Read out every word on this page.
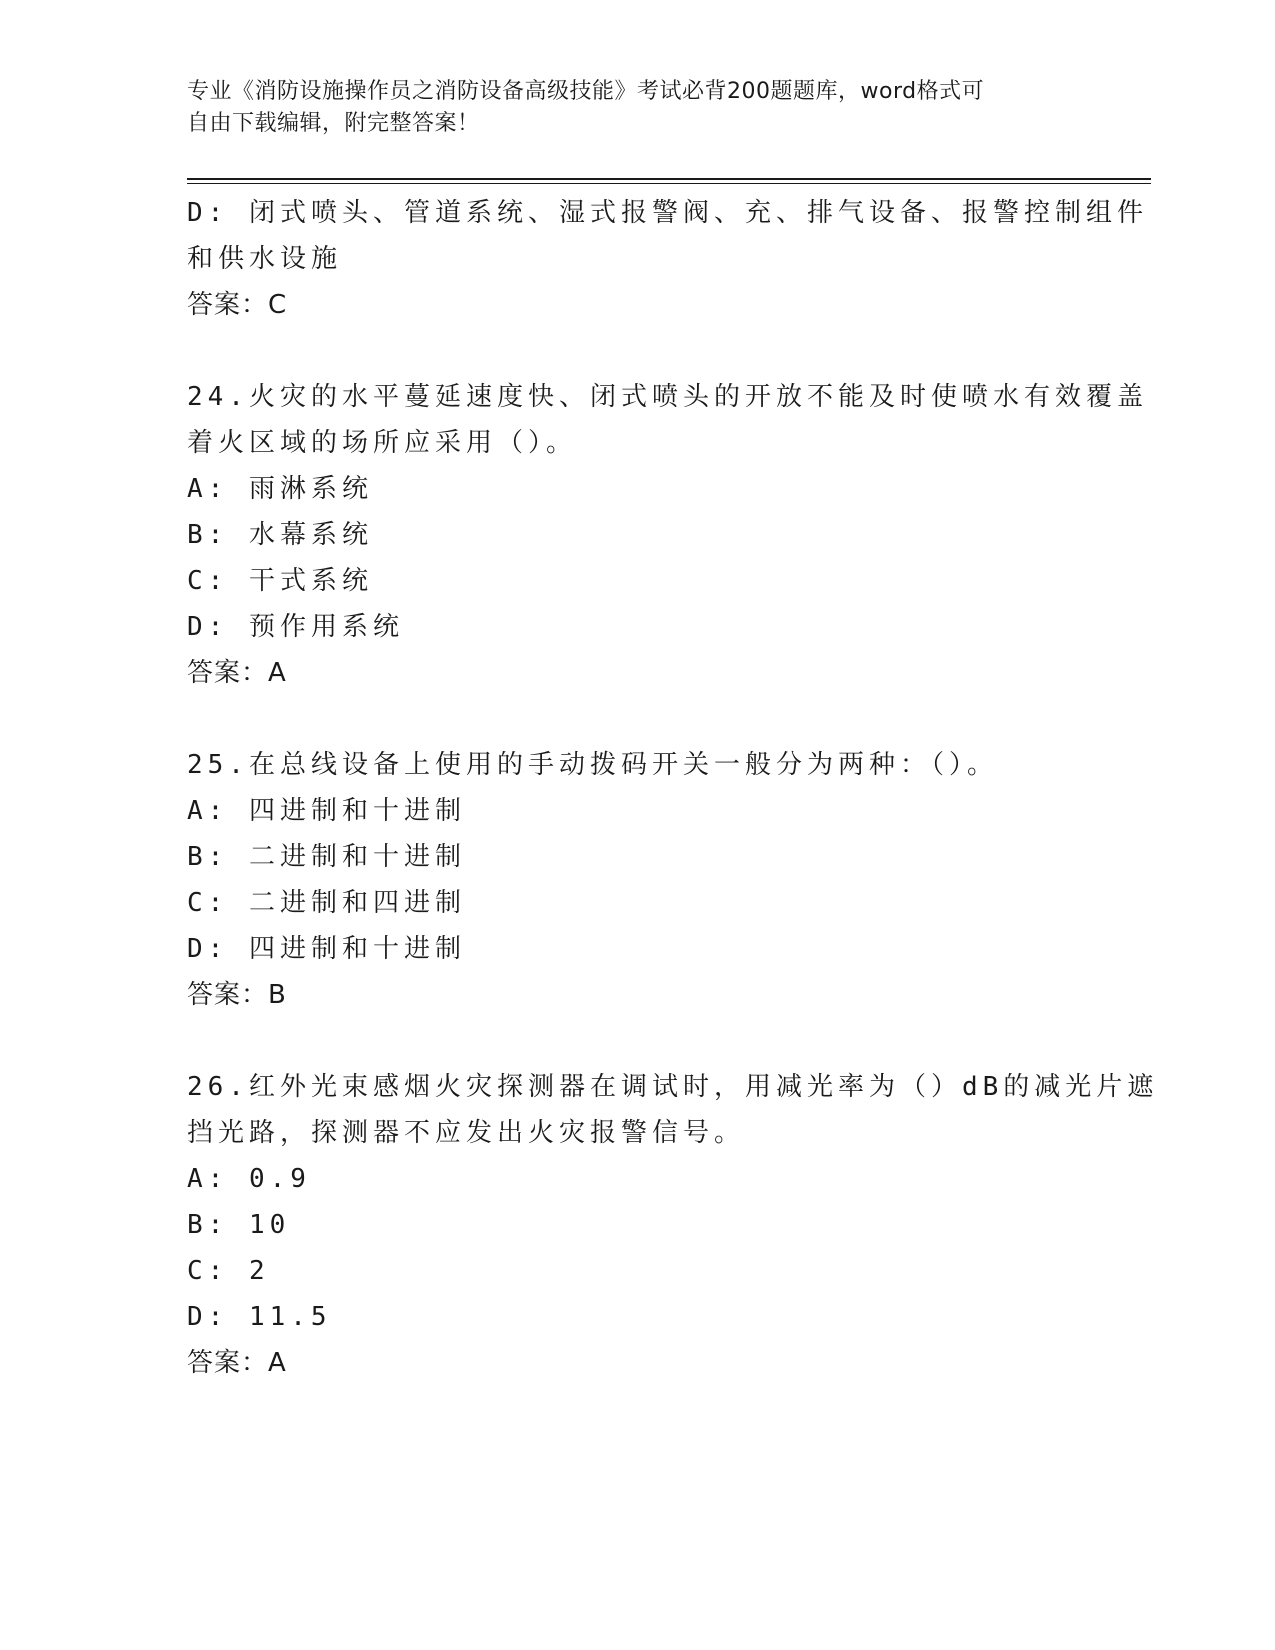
专业《消防设施操作员之消防设备高级技能》考试必背200题题库，word格式可
自由下载编辑，附完整答案！
D: 闭式喷头、管道系统、湿式报警阀、充、排气设备、报警控制组件
和供水设施
答案：C
24.火灾的水平蔓延速度快、闭式喷头的开放不能及时使喷水有效覆盖
着火区域的场所应采用（）。
A: 雨淋系统
B: 水幕系统
C: 干式系统
D: 预作用系统
答案：A
25.在总线设备上使用的手动拨码开关一般分为两种：（）。
A: 四进制和十进制
B: 二进制和十进制
C: 二进制和四进制
D: 四进制和十进制
答案：B
26.红外光束感烟火灾探测器在调试时，用减光率为（）dB的减光片遮
挡光路，探测器不应发出火灾报警信号。
A: 0.9
B: 10
C: 2
D: 11.5
答案：A
